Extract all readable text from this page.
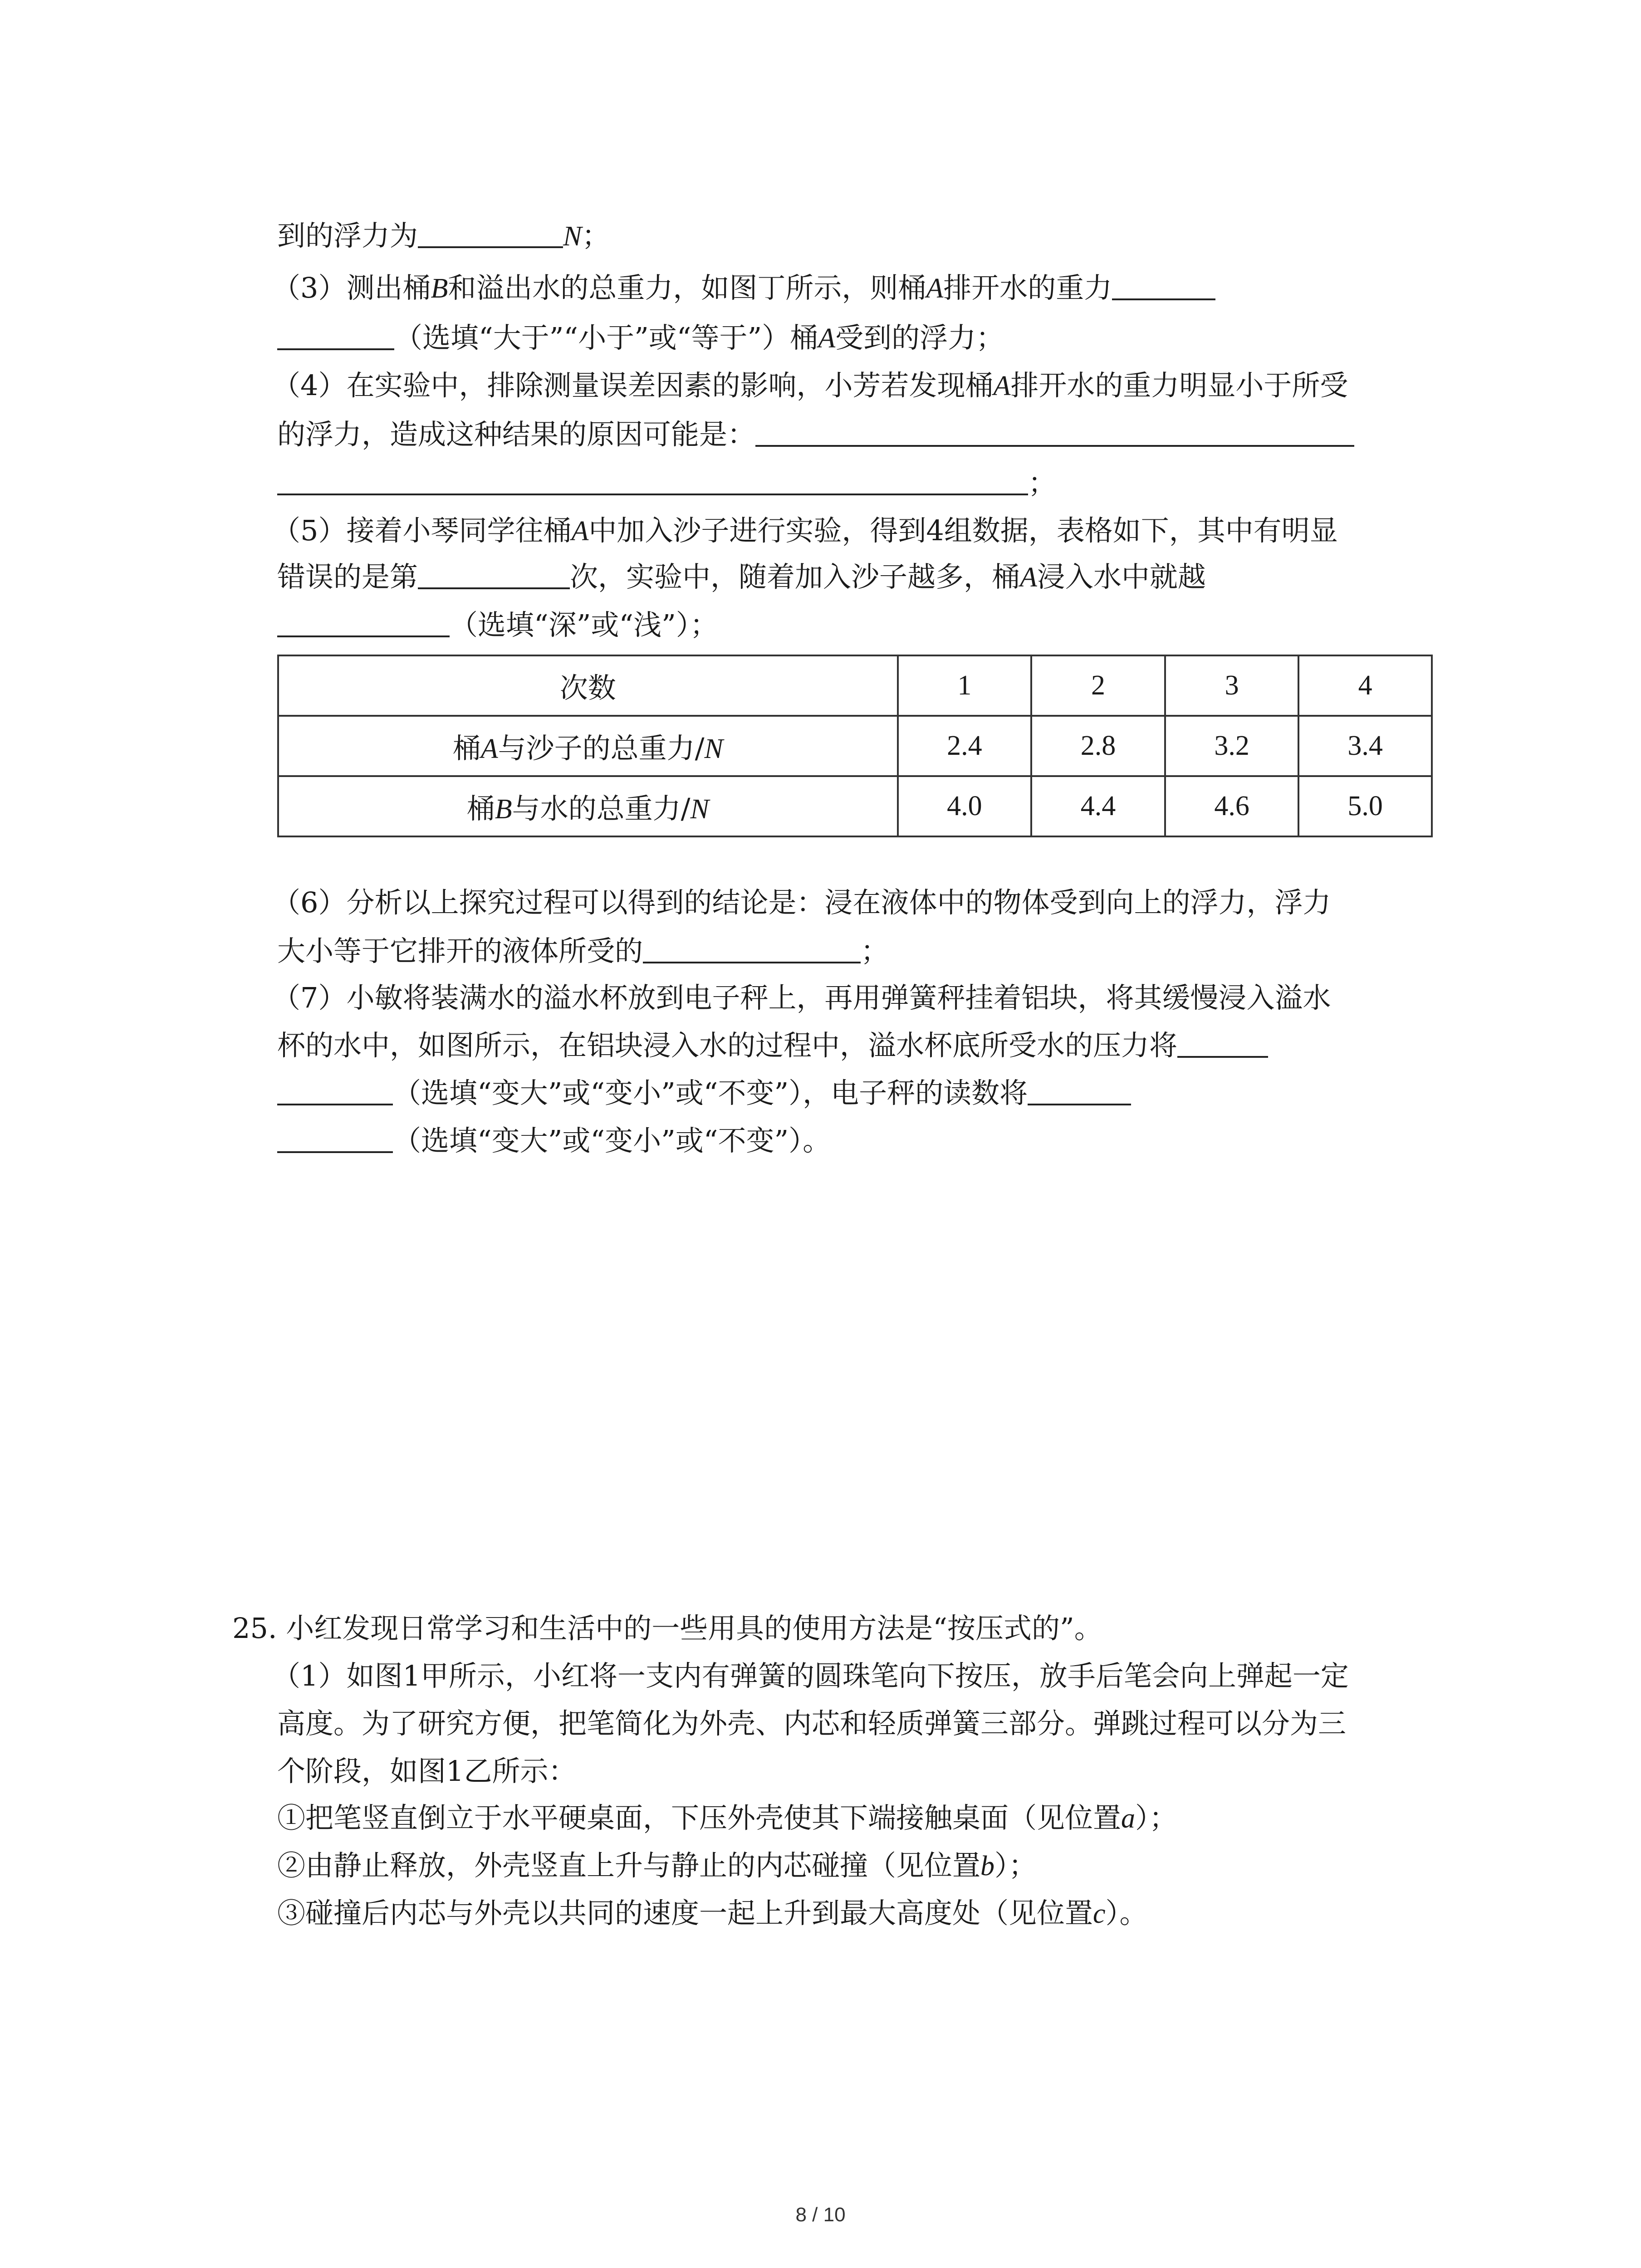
到的浮力为	N；
（3）测出桶B和溢出水的总重力，如图丁所示，则桶A排开水的重力
（选填“大于”“小于”或“等于”）桶A受到的浮力；
（4）在实验中，排除测量误差因素的影响，小芳若发现桶A排开水的重力明显小于所受
的浮力，造成这种结果的原因可能是：
；
（5）接着小琴同学往桶A中加入沙子进行实验，得到4组数据，表格如下，其中有明显
错误的是第	次，实验中，随着加入沙子越多，桶A浸入水中就越
（选填“深”或“浅”）；
次数	1	2	3	4
桶A与沙子的总重力/N	2.4	2.8	3.2	3.4
桶B与水的总重力/N	4.0	4.4	4.6	5.0
（6）分析以上探究过程可以得到的结论是：浸在液体中的物体受到向上的浮力，浮力
大小等于它排开的液体所受的	；
（7）小敏将装满水的溢水杯放到电子秤上，再用弹簧秤挂着铝块，将其缓慢浸入溢水
杯的水中，如图所示，在铝块浸入水的过程中，溢水杯底所受水的压力将
（选填“变大”或“变小”或“不变”），电子秤的读数将
（选填“变大”或“变小”或“不变”）。
25. 小红发现日常学习和生活中的一些用具的使用方法是“按压式的”。
（1）如图1甲所示，小红将一支内有弹簧的圆珠笔向下按压，放手后笔会向上弹起一定
高度。为了研究方便，把笔简化为外壳、内芯和轻质弹簧三部分。弹跳过程可以分为三
个阶段，如图1乙所示：
①把笔竖直倒立于水平硬桌面，下压外壳使其下端接触桌面（见位置a）；
②由静止释放，外壳竖直上升与静止的内芯碰撞（见位置b）；
③碰撞后内芯与外壳以共同的速度一起上升到最大高度处（见位置c）。
8 / 10
